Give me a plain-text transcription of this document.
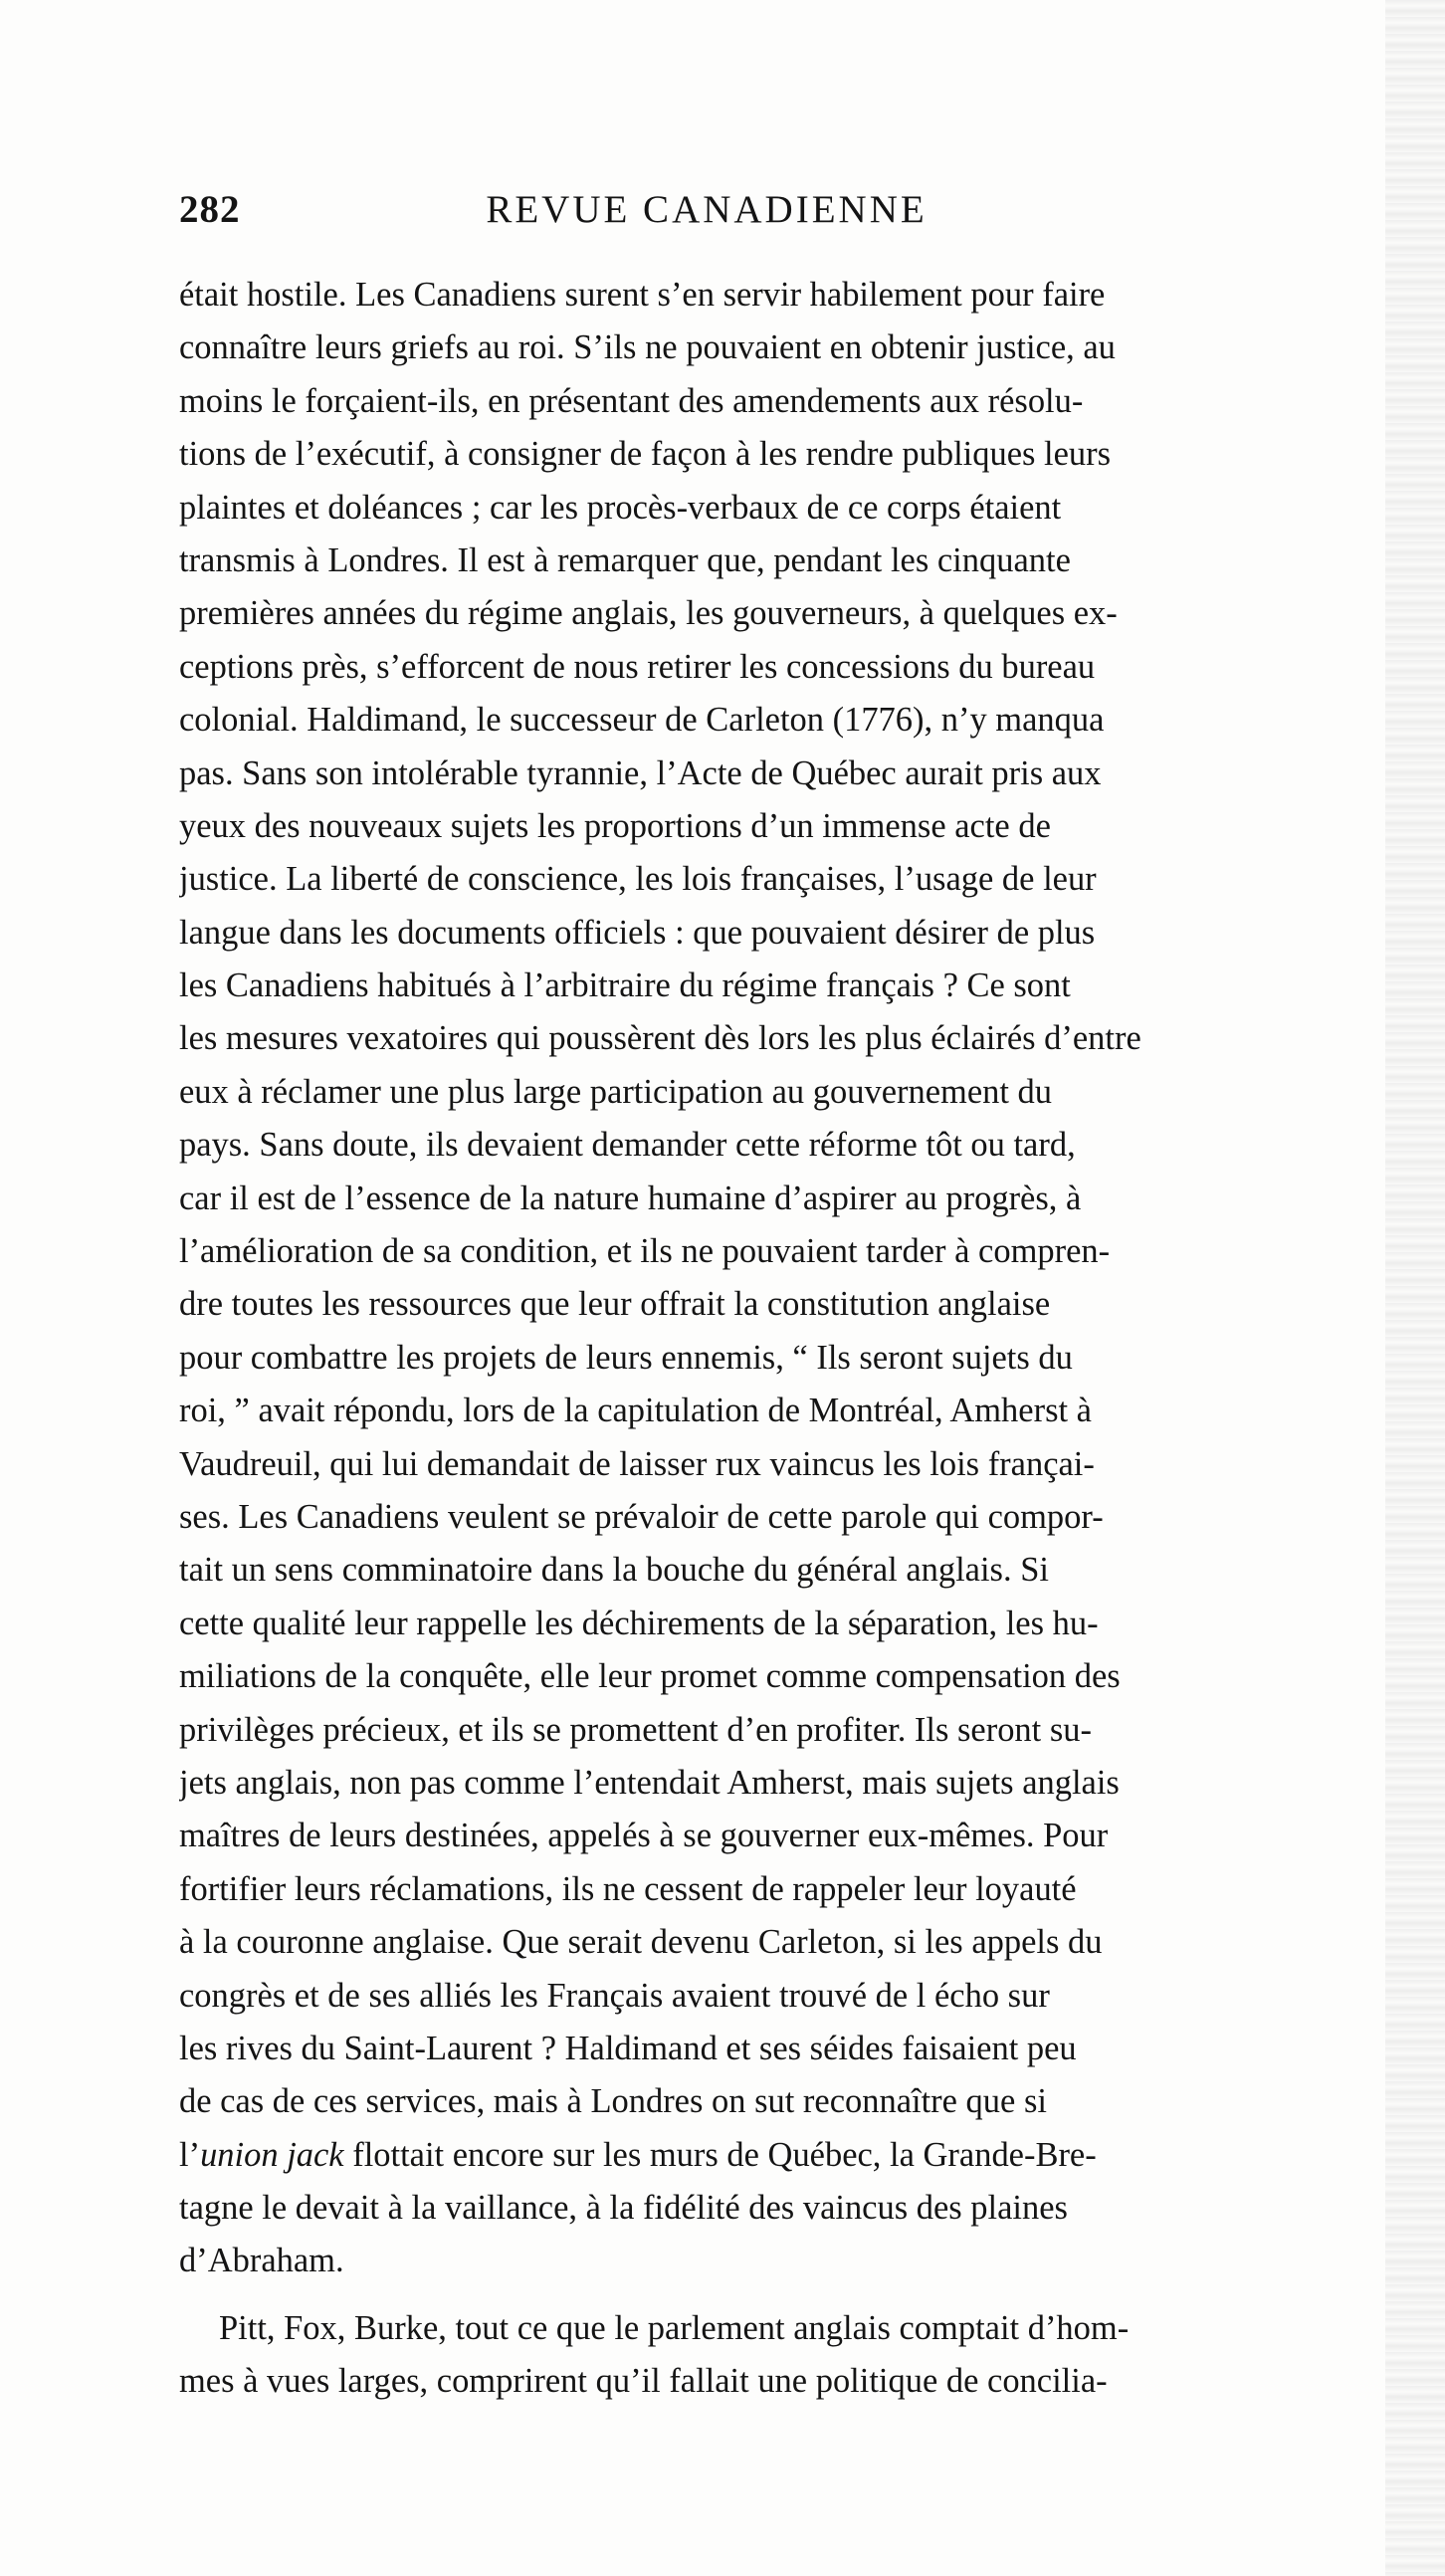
282	REVUE CANADIENNE
était hostile. Les Canadiens surent s’en servir habilement pour faire
connaître leurs griefs au roi. S’ils ne pouvaient en obtenir justice, au
moins le forçaient-ils, en présentant des amendements aux résolu-
tions de l’exécutif, à consigner de façon à les rendre publiques leurs
plaintes et doléances ; car les procès-verbaux de ce corps étaient
transmis à Londres. Il est à remarquer que, pendant les cinquante
premières années du régime anglais, les gouverneurs, à quelques ex-
ceptions près, s’efforcent de nous retirer les concessions du bureau
colonial. Haldimand, le successeur de Carleton (1776), n’y manqua
pas. Sans son intolérable tyrannie, l’Acte de Québec aurait pris aux
yeux des nouveaux sujets les proportions d’un immense acte de
justice. La liberté de conscience, les lois françaises, l’usage de leur
langue dans les documents officiels : que pouvaient désirer de plus
les Canadiens habitués à l’arbitraire du régime français ? Ce sont
les mesures vexatoires qui poussèrent dès lors les plus éclairés d’entre
eux à réclamer une plus large participation au gouvernement du
pays. Sans doute, ils devaient demander cette réforme tôt ou tard,
car il est de l’essence de la nature humaine d’aspirer au progrès, à
l’amélioration de sa condition, et ils ne pouvaient tarder à compren-
dre toutes les ressources que leur offrait la constitution anglaise
pour combattre les projets de leurs ennemis, “ Ils seront sujets du
roi, ” avait répondu, lors de la capitulation de Montréal, Amherst à
Vaudreuil, qui lui demandait de laisser rux vaincus les lois françai-
ses. Les Canadiens veulent se prévaloir de cette parole qui compor-
tait un sens comminatoire dans la bouche du général anglais. Si
cette qualité leur rappelle les déchirements de la séparation, les hu-
miliations de la conquête, elle leur promet comme compensation des
privilèges précieux, et ils se promettent d’en profiter. Ils seront su-
jets anglais, non pas comme l’entendait Amherst, mais sujets anglais
maîtres de leurs destinées, appelés à se gouverner eux-mêmes. Pour
fortifier leurs réclamations, ils ne cessent de rappeler leur loyauté
à la couronne anglaise. Que serait devenu Carleton, si les appels du
congrès et de ses alliés les Français avaient trouvé de l écho sur
les rives du Saint-Laurent ? Haldimand et ses séides faisaient peu
de cas de ces services, mais à Londres on sut reconnaître que si
l’union jack flottait encore sur les murs de Québec, la Grande-Bre-
tagne le devait à la vaillance, à la fidélité des vaincus des plaines
d’Abraham.
Pitt, Fox, Burke, tout ce que le parlement anglais comptait d’hom-
mes à vues larges, comprirent qu’il fallait une politique de concilia-
